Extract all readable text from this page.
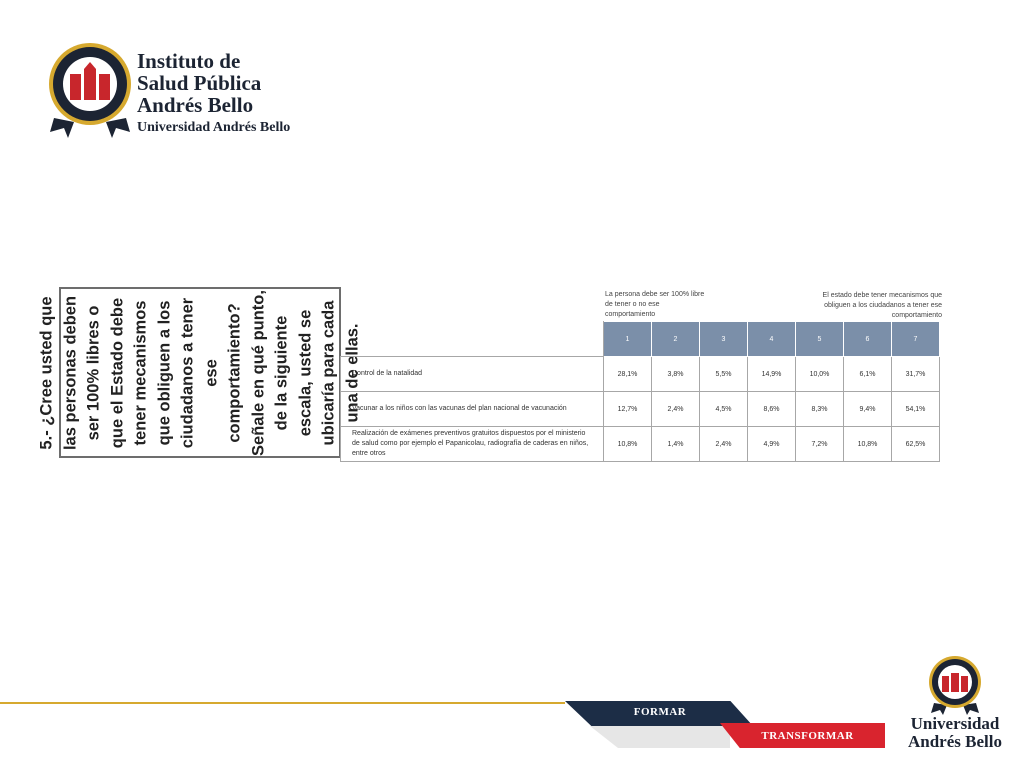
Instituto de
Salud Pública
Andrés Bello
Universidad Andrés Bello
5.- ¿Cree usted que las personas deben ser 100% libres o que el Estado debe tener mecanismos que obliguen a los ciudadanos a tener ese comportamiento? Señale en qué punto, de la siguiente escala, usted se ubicaría para cada una de ellas.
La persona debe ser 100% libre de tener o no ese comportamiento
El estado debe tener mecanismos que obliguen a los ciudadanos a tener ese comportamiento
	1	2	3	4	5	6	7
Control de la natalidad	28,1%	3,8%	5,5%	14,9%	10,0%	6,1%	31,7%
Vacunar a los niños con las vacunas del plan nacional de vacunación	12,7%	2,4%	4,5%	8,6%	8,3%	9,4%	54,1%
Realización de exámenes preventivos gratuitos dispuestos por el ministerio de salud como por ejemplo el Papanicolau, radiografía de caderas en niños, entre otros	10,8%	1,4%	2,4%	4,9%	7,2%	10,8%	62,5%
FORMAR
TRANSFORMAR
Universidad
Andrés Bello
